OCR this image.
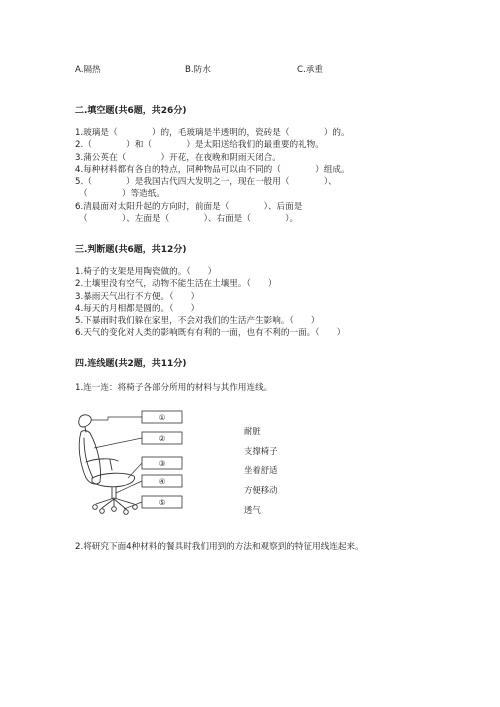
A.隔热	B.防水	C.承重
二.填空题(共6题，共26分)
1.玻璃是（　　　　）的，毛玻璃是半透明的，瓷砖是（　　　　）的。
2.（　　　　）和（　　　　）是太阳送给我们的最重要的礼物。
3.蒲公英在（　　　　）开花，在夜晚和阴雨天闭合。
4.每种材料都有各自的特点，同种物品可以由不同的（　　　　）组成。
5.（　　　　）是我国古代四大发明之一，现在一般用（　　　　）、
（　　　　）等造纸。
6.清晨面对太阳升起的方向时，前面是（　　　　）、后面是
（　　　　）、左面是（　　　　）、右面是（　　　　）。
三.判断题(共6题，共12分)
1.椅子的支架是用陶瓷做的。（　　）
2.土壤里没有空气，动物不能生活在土壤里。（　　）
3.暴雨天气出行不方便。（　　）
4.每天的月相都是圆的。（　　）
5.下暴雨时我们躲在家里，不会对我们的生活产生影响。（　　）
6.天气的变化对人类的影响既有有利的一面，也有不利的一面。（　　）
四.连线题(共2题，共11分)
1.连一连：将椅子各部分所用的材料与其作用连线。
①
②
③
④
⑤
耐脏
支撑椅子
坐着舒适
方便移动
透气
2.将研究下面4种材料的餐具时我们用到的方法和观察到的特征用线连起来。
